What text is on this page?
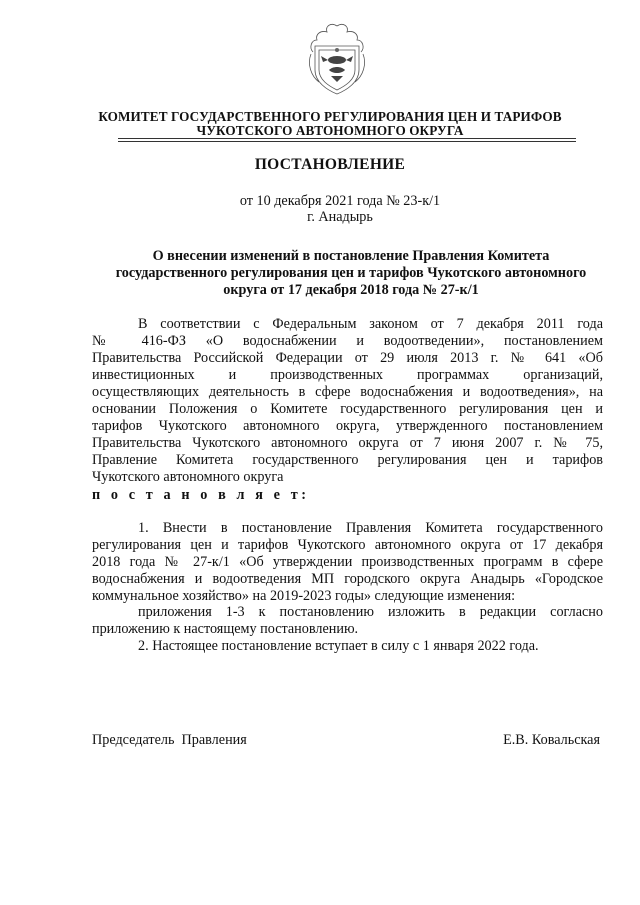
КОМИТЕТ ГОСУДАРСТВЕННОГО РЕГУЛИРОВАНИЯ ЦЕН И ТАРИФОВ
ЧУКОТСКОГО АВТОНОМНОГО ОКРУГА
ПОСТАНОВЛЕНИЕ
от 10 декабря 2021 года № 23-к/1
г. Анадырь
О внесении изменений в постановление Правления Комитета
государственного регулирования цен и тарифов Чукотского автономного
округа от 17 декабря 2018 года № 27-к/1
В соответствии с Федеральным законом от 7 декабря 2011 года
№ 416-ФЗ «О водоснабжении и водоотведении», постановлением
Правительства Российской Федерации от 29 июля 2013 г. № 641 «Об
инвестиционных и производственных программах организаций,
осуществляющих деятельность в сфере водоснабжения и водоотведения», на
основании Положения о Комитете государственного регулирования цен и
тарифов Чукотского автономного округа, утвержденного постановлением
Правительства Чукотского автономного округа от 7 июня 2007 г. № 75,
Правление Комитета государственного регулирования цен и тарифов
Чукотского автономного округа
п о с т а н о в л я е т:
1. Внести в постановление Правления Комитета государственного
регулирования цен и тарифов Чукотского автономного округа от 17 декабря
2018 года № 27-к/1 «Об утверждении производственных программ в сфере
водоснабжения и водоотведения МП городского округа Анадырь «Городское
коммунальное хозяйство» на 2019-2023 годы» следующие изменения:
приложения 1-3 к постановлению изложить в редакции согласно
приложению к настоящему постановлению.
2. Настоящее постановление вступает в силу с 1 января 2022 года.
Председатель  Правления	Е.В. Ковальская
